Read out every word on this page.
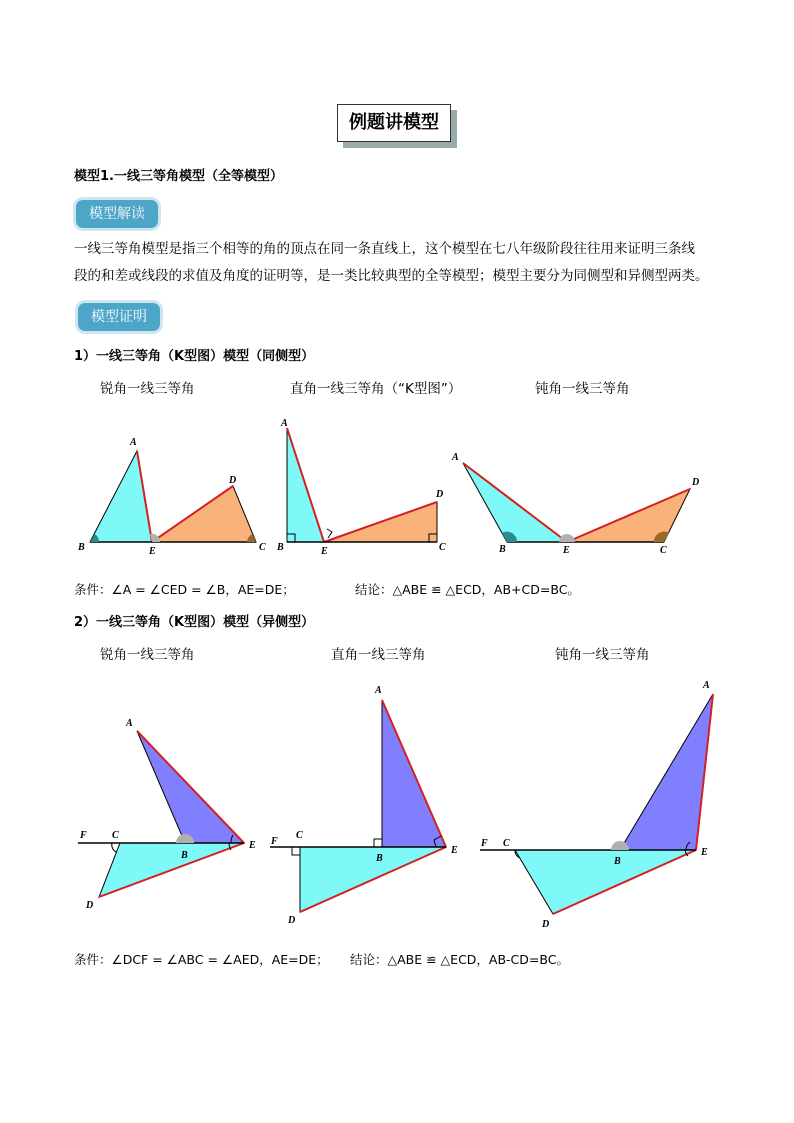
例题讲模型
模型1.一线三等角模型（全等模型）
模型解读
一线三等角模型是指三个相等的角的顶点在同一条直线上，这个模型在七八年级阶段往往用来证明三条线
段的和差或线段的求值及角度的证明等，是一类比较典型的全等模型；模型主要分为同侧型和异侧型两类。
模型证明
1）一线三等角（K型图）模型（同侧型）
锐角一线三等角	直角一线三等角（“K型图”）	钝角一线三等角
A
B	E	C
D
A
B	E	C
D
A
B	E	C
D
条件：∠A = ∠CED = ∠B，AE=DE；	结论：△ABE ≌ △ECD，AB+CD=BC。
2）一线三等角（K型图）模型（异侧型）
锐角一线三等角	直角一线三等角	钝角一线三等角
A
F	C
B
E
D
A
F
C
B
E
D
A
F C
B
E
D
条件：∠DCF = ∠ABC = ∠AED，AE=DE； 结论：△ABE ≌ △ECD，AB-CD=BC。
